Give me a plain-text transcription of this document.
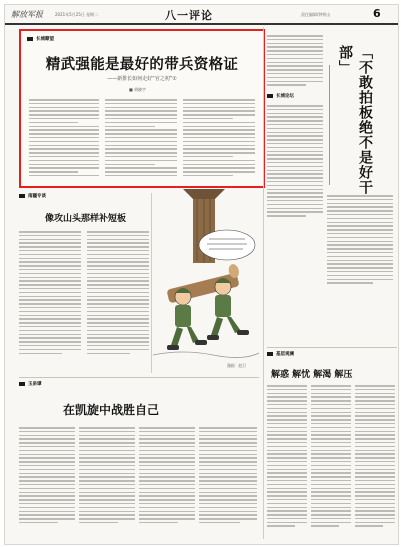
解放军报	2021年5月25日 星期二	八一评论	责任编辑/钟铁山	6
长城瞭望
精武强能是最好的带兵资格证
——新排长如何走好“官之初”①
■ 胡晓宇
长城论坛	「不敢拍板绝不是好干部」
南疆专谈
像攻山头那样补短板
漫画：赵卫
基层观澜
解惑 解忧 解渴 解压
玉泉谭
在凯旋中战胜自己
